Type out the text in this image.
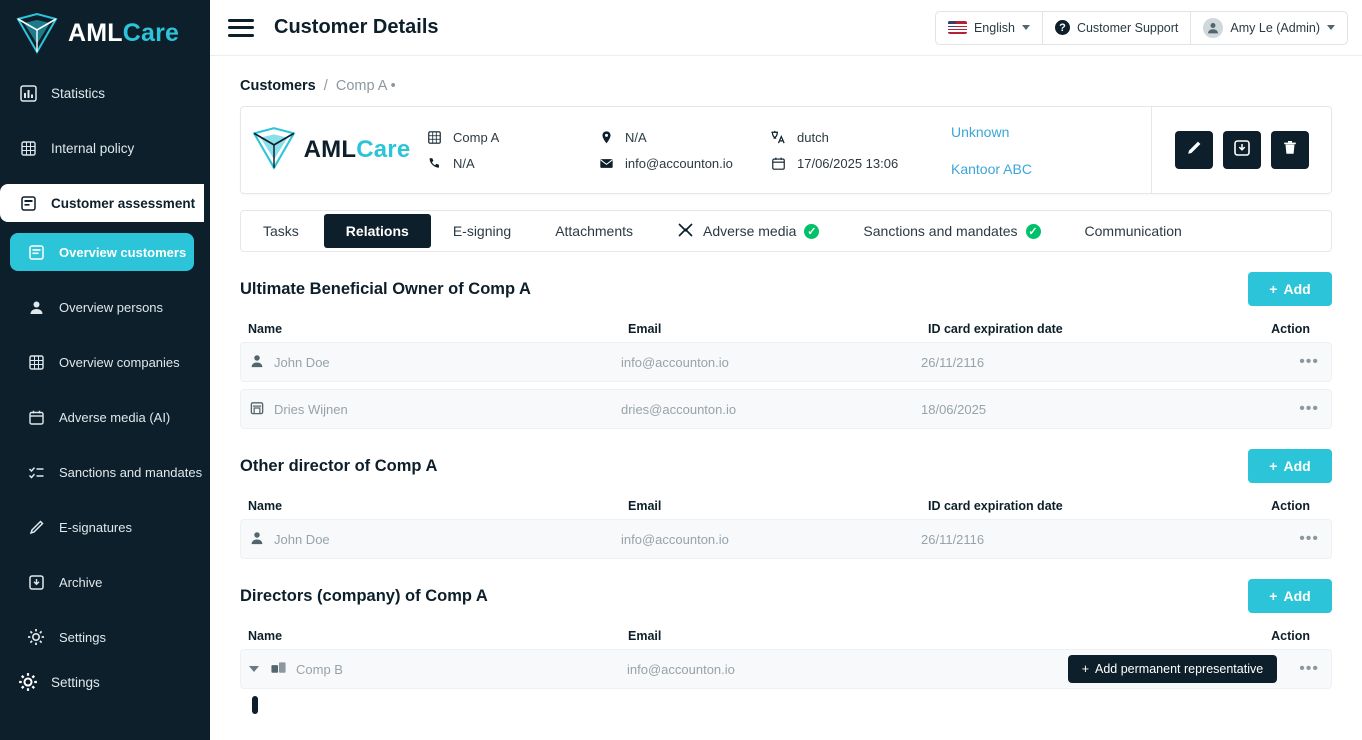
AMLCare
Statistics
Internal policy
Customer assessment
Overview customers
Overview persons
Overview companies
Adverse media (AI)
Sanctions and mandates
E-signatures
Archive
Settings
Settings
Customer Details	English	? Customer Support	Amy Le (Admin)
Customers / Comp A •
AMLCare	Comp A
N/A
N/A
info@accounton.io
dutch
17/06/2025 13:06
Unknown
Kantoor ABC
Tasks	Relations	E-signing	Attachments	Adverse media ✓	Sanctions and mandates ✓	Communication
Ultimate Beneficial Owner of Comp A	+ Add
Name	Email	ID card expiration date	Action
John Doe	info@accounton.io	26/11/2116	•••
Dries Wijnen	dries@accounton.io	18/06/2025	•••
Other director of Comp A	+ Add
Name	Email	ID card expiration date	Action
John Doe	info@accounton.io	26/11/2116	•••
Directors (company) of Comp A	+ Add
Name	Email	Action
Comp B	info@accounton.io	+ Add permanent representative •••
